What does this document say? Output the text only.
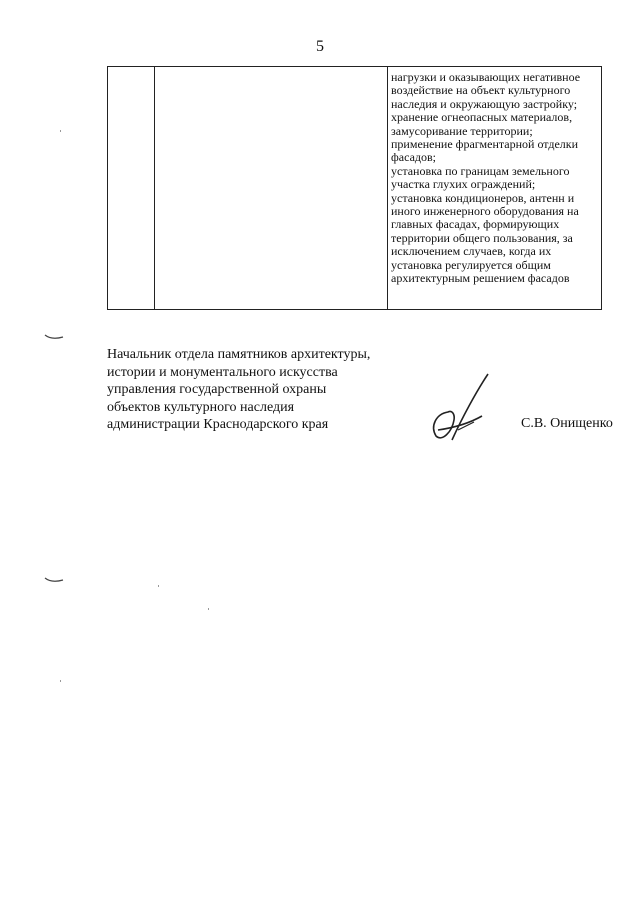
5
нагрузки и оказывающих негативное
воздействие на объект культурного
наследия и окружающую застройку;
хранение огнеопасных материалов,
замусоривание территории;
применение фрагментарной отделки
фасадов;
установка по границам земельного
участка глухих ограждений;
установка кондиционеров, антенн и
иного инженерного оборудования на
главных фасадах, формирующих
территории общего пользования, за
исключением случаев, когда их
установка регулируется общим
архитектурным решением фасадов
Начальник отдела памятников архитектуры,
истории и монументального искусства
управления государственной охраны
объектов культурного наследия
администрации Краснодарского края	С.В. Онищенко
